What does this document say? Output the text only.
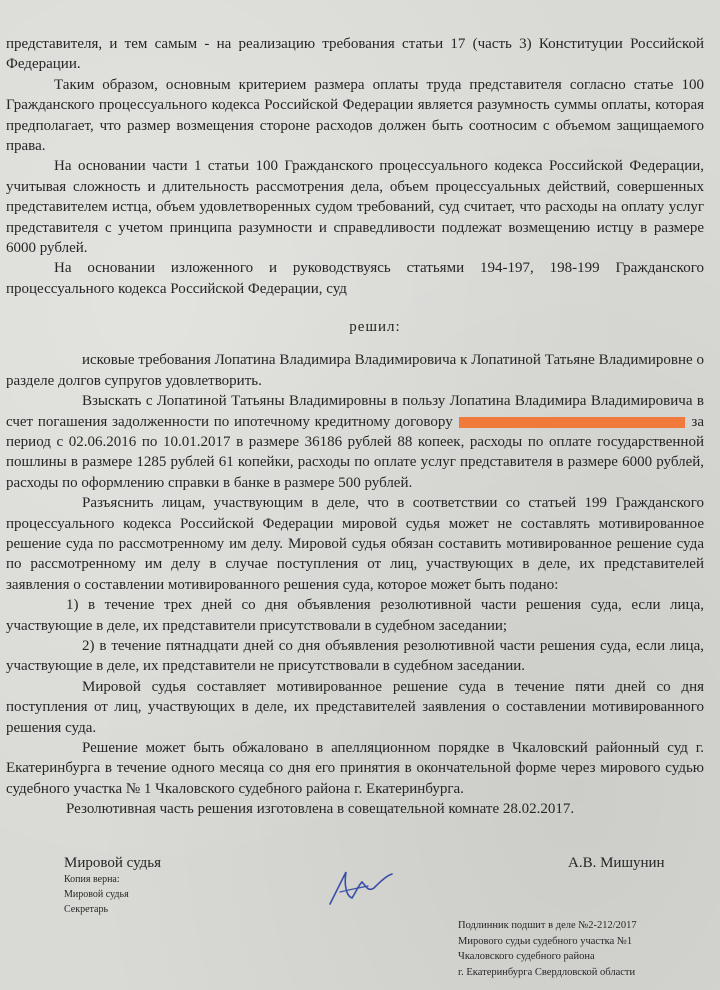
представителя, и тем самым - на реализацию требования статьи 17 (часть 3) Конституции Российской Федерации.

Таким образом, основным критерием размера оплаты труда представителя согласно статье 100 Гражданского процессуального кодекса Российской Федерации является разумность суммы оплаты, которая предполагает, что размер возмещения стороне расходов должен быть соотносим с объемом защищаемого права.

На основании части 1 статьи 100 Гражданского процессуального кодекса Российской Федерации, учитывая сложность и длительность рассмотрения дела, объем процессуальных действий, совершенных представителем истца, объем удовлетворенных судом требований, суд считает, что расходы на оплату услуг представителя с учетом принципа разумности и справедливости подлежат возмещению истцу в размере 6000 рублей.

На основании изложенного и руководствуясь статьями 194-197, 198-199 Гражданского процессуального кодекса Российской Федерации, суд

решил:

исковые требования Лопатина Владимира Владимировича к Лопатиной Татьяне Владимировне о разделе долгов супругов удовлетворить.

Взыскать с Лопатиной Татьяны Владимировны в пользу Лопатина Владимира Владимировича в счет погашения задолженности по ипотечному кредитному договору	за период с 02.06.2016 по 10.01.2017 в размере 36186 рублей 88 копеек, расходы по оплате государственной пошлины в размере 1285 рублей 61 копейки, расходы по оплате услуг представителя в размере 6000 рублей, расходы по оформлению справки в банке в размере 500 рублей.

Разъяснить лицам, участвующим в деле, что в соответствии со статьей 199 Гражданского процессуального кодекса Российской Федерации мировой судья может не составлять мотивированное решение суда по рассмотренному им делу. Мировой судья обязан составить мотивированное решение суда по рассмотренному им делу в случае поступления от лиц, участвующих в деле, их представителей заявления о составлении мотивированного решения суда, которое может быть подано:

1) в течение трех дней со дня объявления резолютивной части решения суда, если лица, участвующие в деле, их представители присутствовали в судебном заседании;

2) в течение пятнадцати дней со дня объявления резолютивной части решения суда, если лица, участвующие в деле, их представители не присутствовали в судебном заседании.

Мировой судья составляет мотивированное решение суда в течение пяти дней со дня поступления от лиц, участвующих в деле, их представителей заявления о составлении мотивированного решения суда.

Решение может быть обжаловано в апелляционном порядке в Чкаловский районный суд г. Екатеринбурга в течение одного месяца со дня его принятия в окончательной форме через мирового судью судебного участка № 1 Чкаловского судебного района г. Екатеринбурга.

Резолютивная часть решения изготовлена в совещательной комнате 28.02.2017.

Мировой судья
Копия верна:
Мировой судья
Секретарь
А.В. Мишунин
Подлинник подшит в деле №2-212/2017
Мирового судьи судебного участка №1
Чкаловского судебного района
г. Екатеринбурга Свердловской области
